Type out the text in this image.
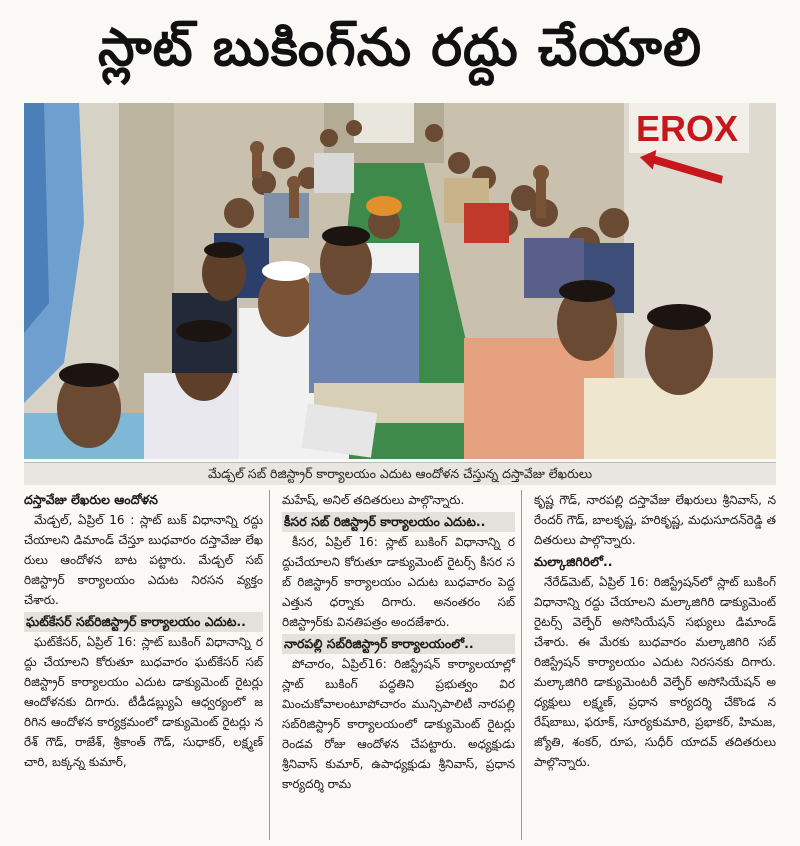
స్లాట్ బుకింగ్‌ను రద్దు చేయాలి
EROX
మేడ్చల్ సబ్ రిజిస్ట్రార్ కార్యాలయం ఎదుట ఆందోళన చేస్తున్న దస్తావేజు లేఖరులు

దస్తావేజు లేఖరుల ఆందోళన

మేడ్చల్, ఏప్రిల్ 16 : స్లాట్ బుక్ విధానాన్ని రద్దు చేయాలని డిమాండ్ చేస్తూ బుధవారం దస్తావేజు లేఖరులు ఆందోళన బాట పట్టారు. మేడ్చల్ సబ్ రిజిస్ట్రార్ కార్యాలయం ఎదుట నిరసన వ్యక్తం చేశారు.

ఘట్‌కేసర్ సబ్‌రిజిస్ట్రార్ కార్యాలయం ఎదుట..

ఘట్‌కేసర్, ఏప్రిల్ 16: స్లాట్ బుకింగ్ విధానాన్ని రద్దు చేయాలని కోరుతూ బుధవారం ఘట్‌కేసర్ సబ్ రిజిస్ట్రార్ కార్యాలయం ఎదుట డాక్యుమెంట్ రైటర్లు ఆందోళనకు దిగారు. టీడీడబ్ల్యుఏ ఆధ్వర్యంలో జరిగిన ఆందోళన కార్యక్రమంలో డాక్యుమెంట్ రైటర్లు నరేశ్ గౌడ్, రాజేశ్, శ్రీకాంత్ గౌడ్, సుధాకర్, లక్ష్మణ్ చారి, బక్కన్న కుమార్,

మహేష్, అనిల్ తదితరులు పాల్గొన్నారు.

కీసర సబ్ రిజిస్ట్రార్ కార్యాలయం ఎదుట..

కీసర, ఏప్రిల్ 16: స్లాట్ బుకింగ్ విధానాన్ని రద్దుచేయాలని కోరుతూ డాక్యుమెంట్ రైటర్స్ కీసర సబ్ రిజిస్ట్రార్ కార్యాలయం ఎదుట బుధవారం పెద్ద ఎత్తున ధర్నాకు దిగారు. అనంతరం సబ్ రిజిస్ట్రార్‌కు వినతిపత్రం అందజేశారు.

నారపల్లి సబ్‌రిజిస్ట్రార్ కార్యాలయంలో..

పోచారం, ఏప్రిల్16: రిజిస్ట్రేషన్ కార్యాలయాల్లో స్లాట్ బుకింగ్ పద్ధతిని ప్రభుత్వం విరమించుకోవాలంటూపోచారం మున్సిపాలిటీ నారపల్లి సబ్‌రిజిస్ట్రార్ కార్యాలయంలో డాక్యుమెంట్ రైటర్లు రెండవ రోజు ఆందోళన చేపట్టారు. అధ్యక్షుడు శ్రీనివాస్ కుమార్, ఉపాధ్యక్షుడు శ్రీనివాస్, ప్రధాన కార్యదర్శి రామ

కృష్ణ గౌడ్, నారపల్లి దస్తావేజు లేఖరులు శ్రీనివాస్, నరేందర్ గౌడ్, బాలకృష్ణ, హరికృష్ణ, మధుసూదన్‌రెడ్డి తదితరులు పాల్గొన్నారు.

మల్కాజిగిరిలో..

నేరేడ్‌మెట్, ఏప్రిల్ 16: రిజిస్ట్రేషన్‌లో స్లాట్ బుకింగ్ విధానాన్ని రద్దు చేయాలని మల్కాజిగిరి డాక్యుమెంట్ రైటర్స్ వెల్ఫేర్ అసోసియేషన్ సభ్యులు డిమాండ్ చేశారు. ఈ మేరకు బుధవారం మల్కాజిగిరి సబ్ రిజిస్ట్రేషన్ కార్యాలయం ఎదుట నిరసనకు దిగారు. మల్కాజిగిరి డాక్యుమెంటరీ వెల్ఫేర్ అసోసియేషన్ అధ్యక్షులు లక్ష్మణ్, ప్రధాన కార్యదర్శి చేకొండ నరేష్‌బాబు, ఫరూక్, సూర్యకుమారి, ప్రభాకర్, హిమజ, జ్యోతి, శంకర్, రూప, సుధీర్ యాదవ్ తదితరులు పాల్గొన్నారు.
